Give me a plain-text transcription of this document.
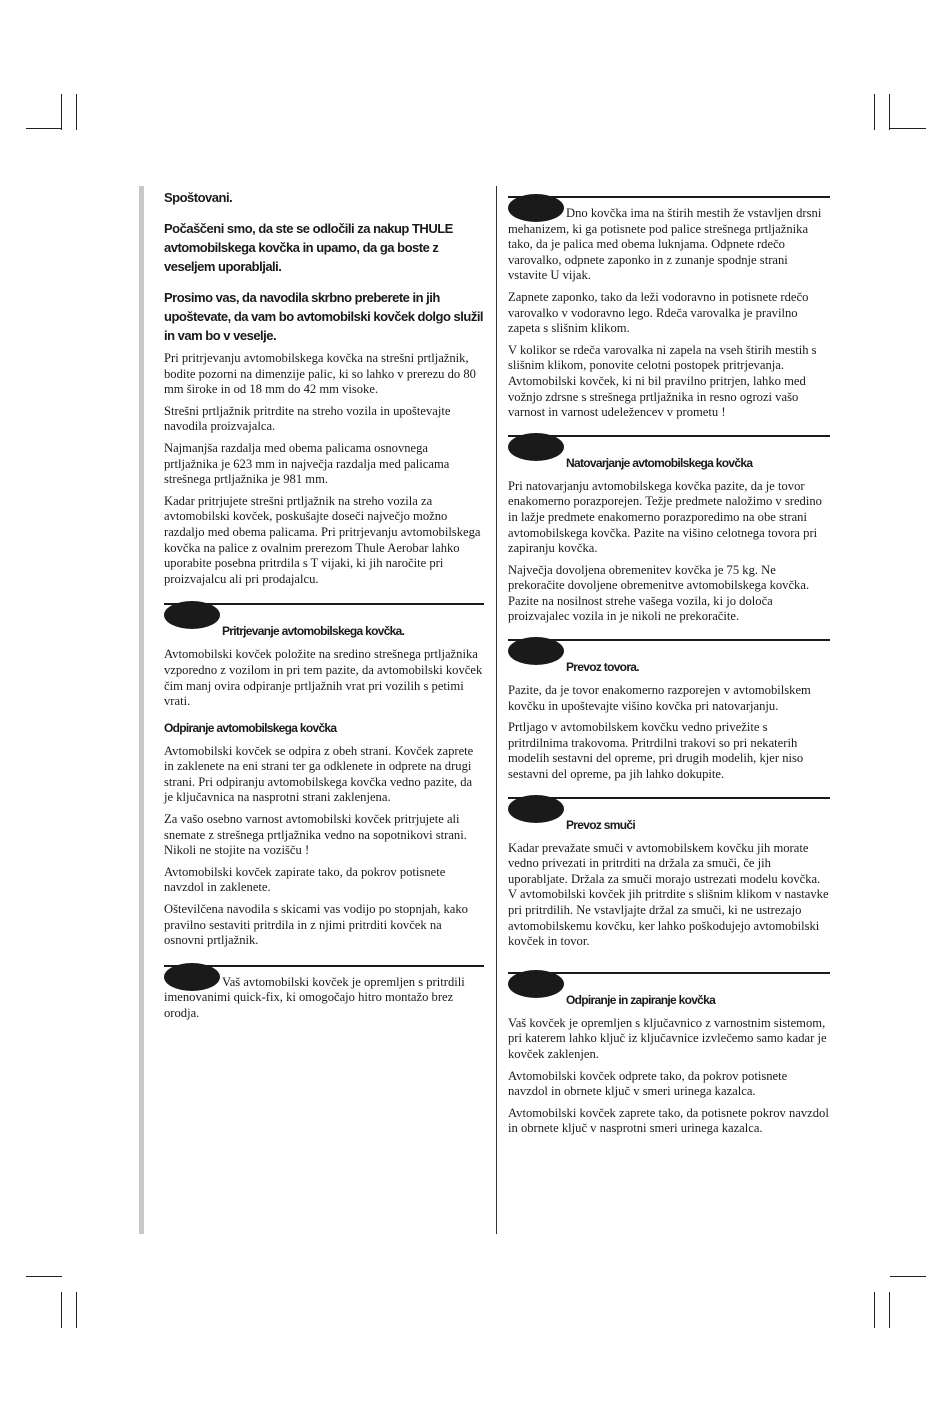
Spoštovani.
Počaščeni smo, da ste se odločili za nakup THULE avtomobilskega kovčka in upamo, da ga boste z veseljem uporabljali.
Prosimo vas, da navodila skrbno preberete in jih upoštevate, da vam bo avtomobilski kovček dolgo služil in vam bo v veselje.

Pri pritrjevanju avtomobilskega kovčka na strešni prtljažnik, bodite pozorni na dimenzije palic, ki so lahko v prerezu do 80 mm široke in od 18 mm do 42 mm visoke.

Strešni prtljažnik pritrdite na streho vozila in upoštevajte navodila proizvajalca.

Najmanjša razdalja med obema palicama osnovnega prtljažnika je 623 mm in največja razdalja med palicama strešnega prtljažnika je 981 mm.

Kadar pritrjujete strešni prtljažnik na streho vozila za avtomobilski kovček, poskušajte doseči največjo možno razdaljo med obema palicama. Pri pritrjevanju avtomobilskega kovčka na palice z ovalnim prerezom Thule Aerobar lahko uporabite posebna pritrdila s T vijaki, ki jih naročite pri proizvajalcu ali pri prodajalcu.

Pritrjevanje avtomobilskega kovčka.

Avtomobilski kovček položite na sredino strešnega prtljažnika vzporedno z vozilom in pri tem pazite, da avtomobilski kovček čim manj ovira odpiranje prtljažnih vrat pri vozilih s petimi vrati.

Odpiranje avtomobilskega kovčka

Avtomobilski kovček se odpira z obeh strani. Kovček zaprete in zaklenete na eni strani ter ga odklenete in odprete na drugi strani. Pri odpiranju avtomobilskega kovčka vedno pazite, da je ključavnica na nasprotni strani zaklenjena.

Za vašo osebno varnost avtomobilski kovček pritrjujete ali snemate z strešnega prtljažnika vedno na sopotnikovi strani. Nikoli ne stojite na vozišču !

Avtomobilski kovček zapirate tako, da pokrov potisnete navzdol in zaklenete.

Oštevilčena navodila s skicami vas vodijo po stopnjah, kako pravilno sestaviti pritrdila in z njimi pritrditi kovček na osnovni prtljažnik.

Vaš avtomobilski kovček je opremljen s pritrdili imenovanimi quick-fix, ki omogočajo hitro montažo brez orodja.

Dno kovčka ima na štirih mestih že vstavljen drsni mehanizem, ki ga potisnete pod palice strešnega prtljažnika tako, da je palica med obema luknjama. Odpnete rdečo varovalko, odpnete zaponko in z zunanje spodnje strani vstavite U vijak.

Zapnete zaponko, tako da leži vodoravno in potisnete rdečo varovalko v vodoravno lego. Rdeča varovalka je pravilno zapeta s slišnim klikom.

V kolikor se rdeča varovalka ni zapela na vseh štirih mestih s slišnim klikom, ponovite celotni postopek pritrjevanja. Avtomobilski kovček, ki ni bil pravilno pritrjen, lahko med vožnjo zdrsne s strešnega prtljažnika in resno ogrozi vašo varnost in varnost udeležencev v prometu !

Natovarjanje avtomobilskega kovčka

Pri natovarjanju avtomobilskega kovčka pazite, da je tovor enakomerno porazporejen. Težje predmete naložimo v sredino in lažje predmete enakomerno porazporedimo na obe strani avtomobilskega kovčka. Pazite na višino celotnega tovora pri zapiranju kovčka.

Največja dovoljena obremenitev kovčka je 75 kg. Ne prekoračite dovoljene obremenitve avtomobilskega kovčka. Pazite na nosilnost strehe vašega vozila, ki jo določa proizvajalec vozila in je nikoli ne prekoračite.

Prevoz tovora.

Pazite, da je tovor enakomerno razporejen v avtomobilskem kovčku in upoštevajte višino kovčka pri natovarjanju.

Prtljago v avtomobilskem kovčku vedno privežite s pritrdilnima trakovoma. Pritrdilni trakovi so pri nekaterih modelih sestavni del opreme, pri drugih modelih, kjer niso sestavni del opreme, pa jih lahko dokupite.

Prevoz smuči

Kadar prevažate smuči v avtomobilskem kovčku jih morate vedno privezati in pritrditi na držala za smuči, če jih uporabljate. Držala za smuči morajo ustrezati modelu kovčka. V avtomobilski kovček jih pritrdite s slišnim klikom v nastavke pri pritrdilih. Ne vstavljajte držal za smuči, ki ne ustrezajo avtomobilskemu kovčku, ker lahko poškodujejo avtomobilski kovček in tovor.

Odpiranje in zapiranje kovčka

Vaš kovček je opremljen s ključavnico z varnostnim sistemom, pri katerem lahko ključ iz ključavnice izvlečemo samo kadar je kovček zaklenjen.

Avtomobilski kovček odprete tako, da pokrov potisnete navzdol in obrnete ključ v smeri urinega kazalca.

Avtomobilski kovček zaprete tako, da potisnete pokrov navzdol in obrnete ključ v nasprotni smeri urinega kazalca.
